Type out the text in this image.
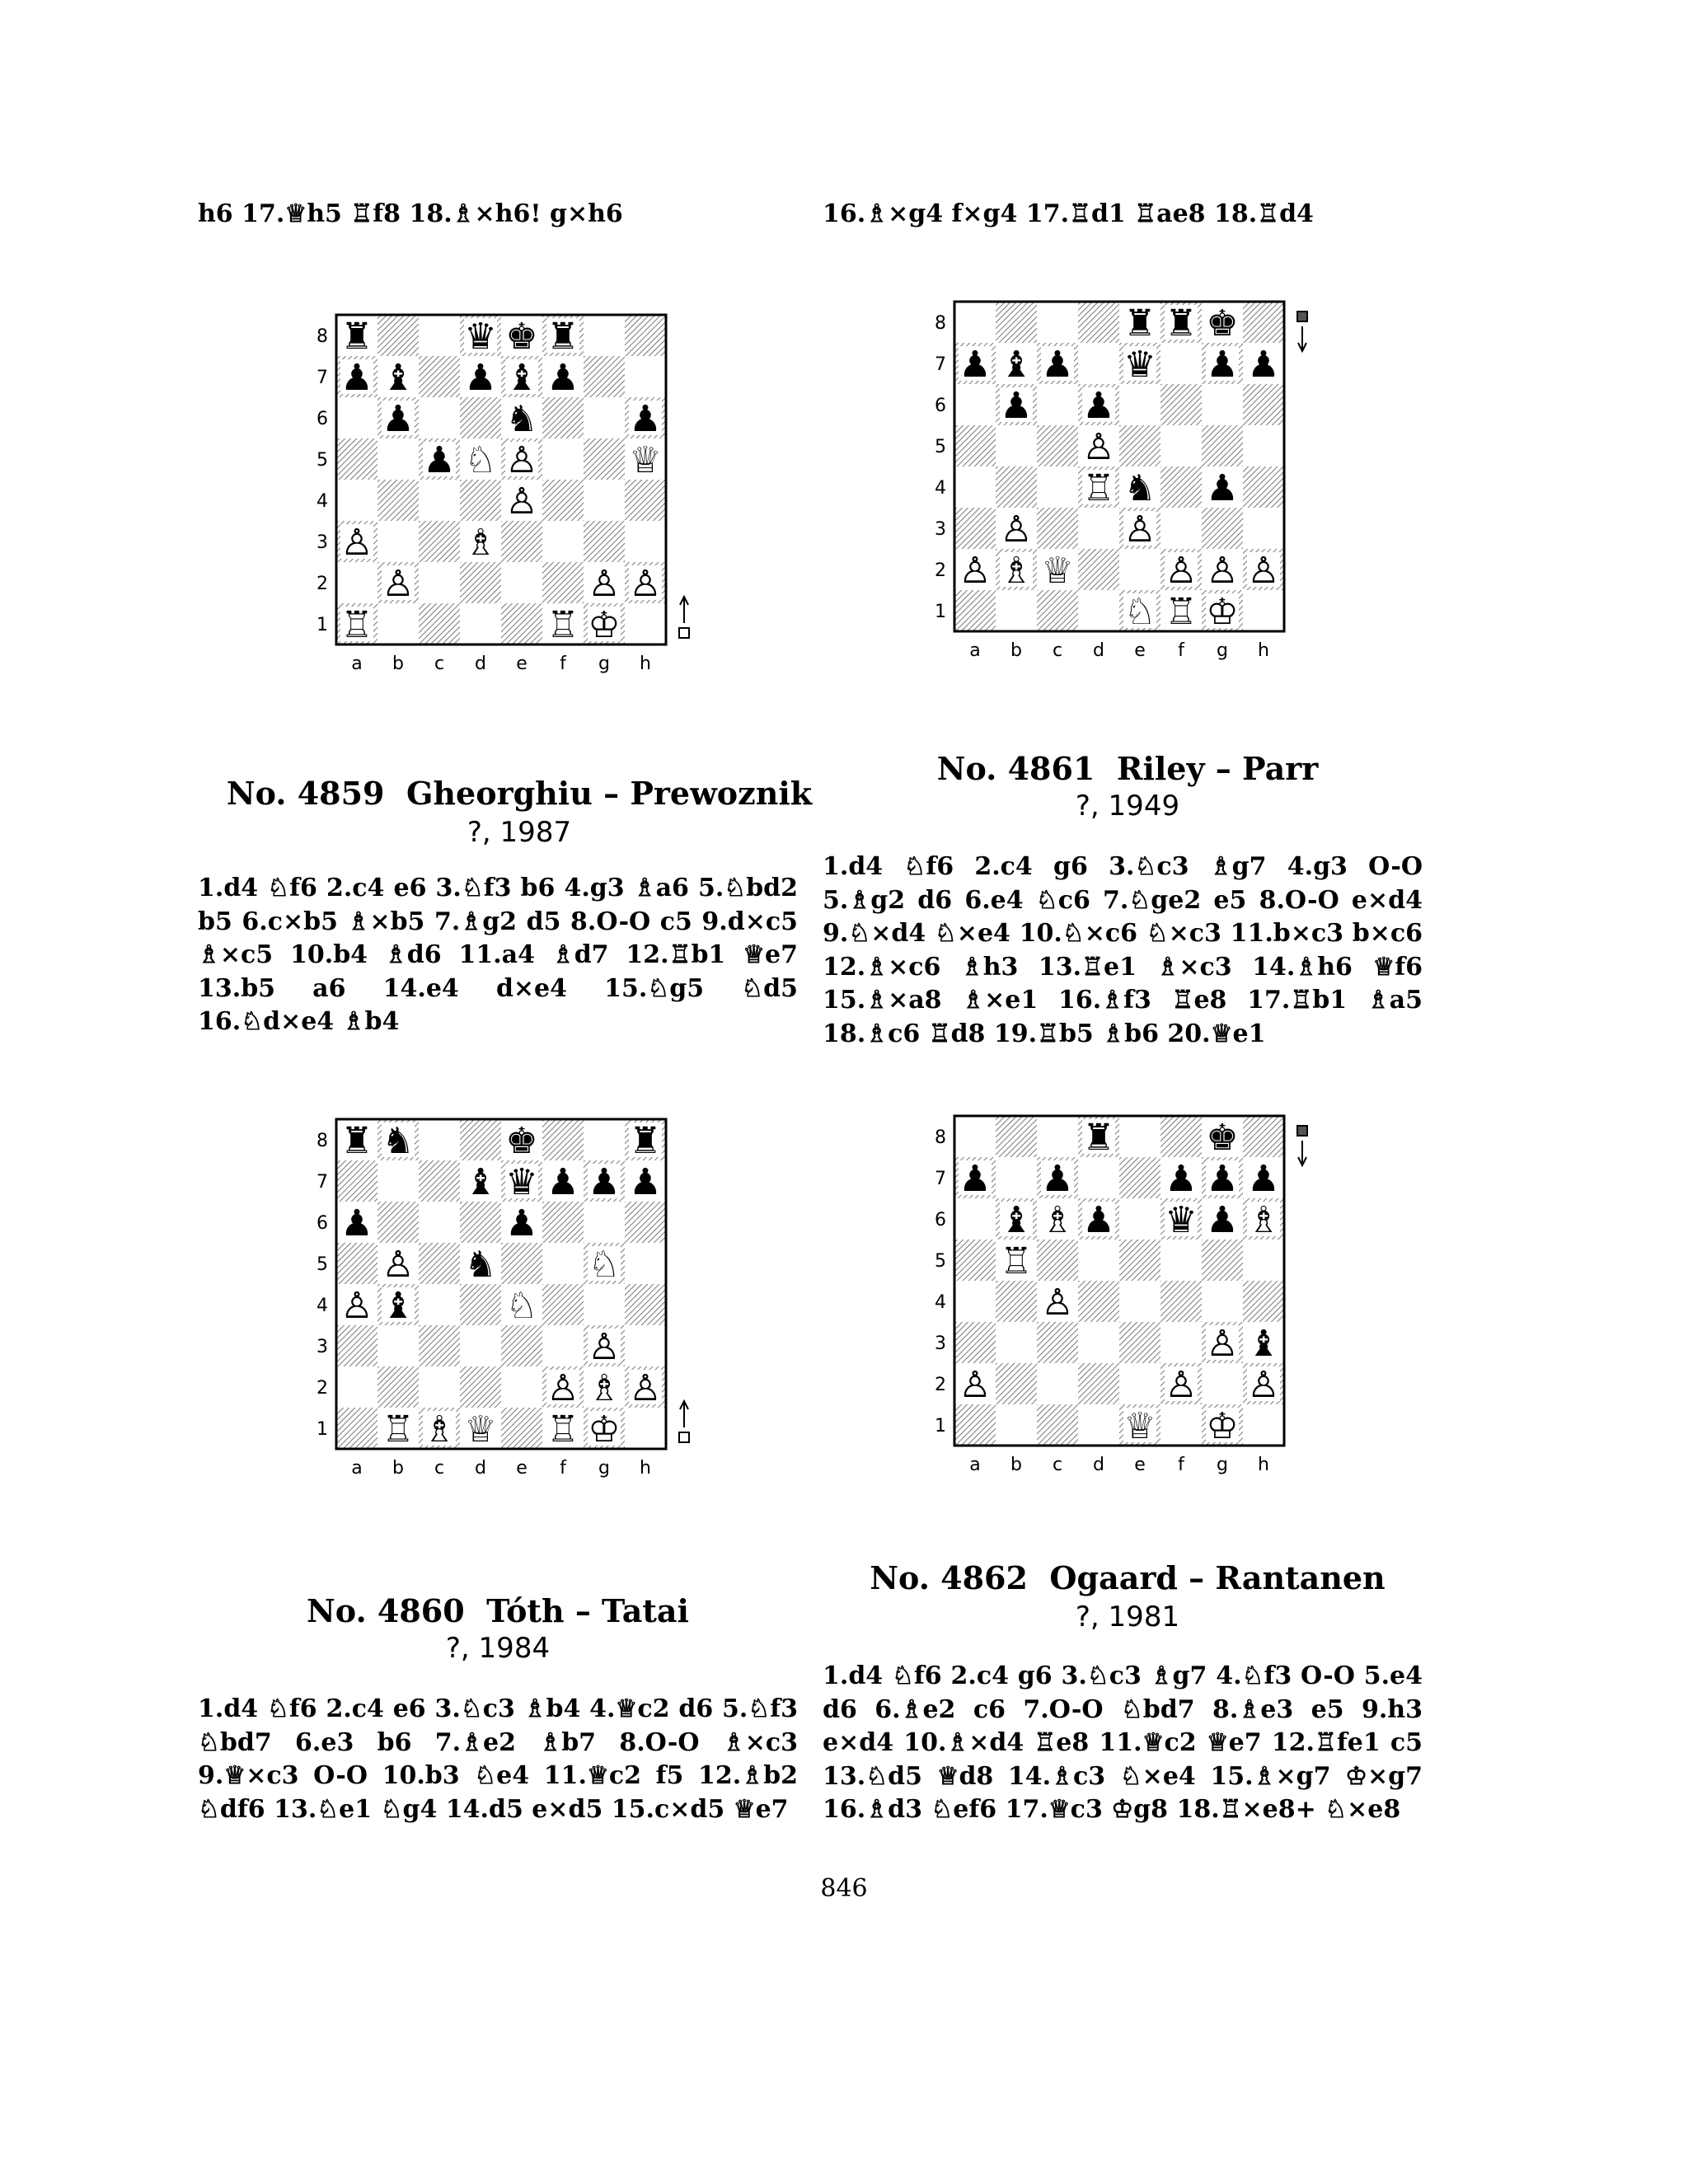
h6 17.♕h5 ♖f8 18.♗×h6! g×h6	16.♗×g4 f×g4 17.♖d1 ♖ae8 18.♖d4
8
7
6
5
4
3
2
1
a b c d e f g h
♜	♛ ♚ ♜
♟ ♝ ♟ ♝ ♟
♟	♞	♟
♟ ♘ ♙	♕
♙
♙	♗
♙	♙ ♙
♖	♖ ♔
8
7
6
5
4
3
2
1
a b c d e f g h
♜ ♜ ♚
♟ ♝ ♟ ♛ ♟ ♟
♟ ♟
♙
♖ ♞ ♟
♙	♙
♙ ♗ ♕	♙ ♙ ♙
♘ ♖ ♔
8
7
6
5
4
3
2
1
a b c d e f g h
♜ ♞	♚	♜
♝ ♛ ♟ ♟ ♟
♟	♟
♙ ♞	♘
♙ ♝	♘
♙
♙ ♗ ♙
♖ ♗ ♕ ♖ ♔
8
7
6
5
4
3
2
1
a b c d e f g h
♜	♚
♟ ♟	♟ ♟ ♟
♝ ♗ ♟ ♛ ♟ ♗
♖
♙
♙ ♝
♙	♙ ♙
♕ ♔
No. 4859 Gheorghiu – Prewoznik
?, 1987
1.d4 ♘f6 2.c4 e6 3.♘f3 b6 4.g3 ♗a6 5.♘bd2 b5 6.c×b5 ♗×b5 7.♗g2 d5 8.O-O c5 9.d×c5 ♗×c5 10.b4 ♗d6 11.a4 ♗d7 12.♖b1 ♕e7 13.b5 a6 14.e4 d×e4 15.♘g5 ♘d5 16.♘d×e4 ♗b4
No. 4861 Riley – Parr
?, 1949
1.d4 ♘f6 2.c4 g6 3.♘c3 ♗g7 4.g3 O-O 5.♗g2 d6 6.e4 ♘c6 7.♘ge2 e5 8.O-O e×d4 9.♘×d4 ♘×e4 10.♘×c6 ♘×c3 11.b×c3 b×c6 12.♗×c6 ♗h3 13.♖e1 ♗×c3 14.♗h6 ♕f6 15.♗×a8 ♗×e1 16.♗f3 ♖e8 17.♖b1 ♗a5 18.♗c6 ♖d8 19.♖b5 ♗b6 20.♕e1
No. 4860 Tóth – Tatai
?, 1984
1.d4 ♘f6 2.c4 e6 3.♘c3 ♗b4 4.♕c2 d6 5.♘f3 ♘bd7 6.e3 b6 7.♗e2 ♗b7 8.O-O ♗×c3 9.♕×c3 O-O 10.b3 ♘e4 11.♕c2 f5 12.♗b2 ♘df6 13.♘e1 ♘g4 14.d5 e×d5 15.c×d5 ♕e7
No. 4862 Ogaard – Rantanen
?, 1981
1.d4 ♘f6 2.c4 g6 3.♘c3 ♗g7 4.♘f3 O-O 5.e4 d6 6.♗e2 c6 7.O-O ♘bd7 8.♗e3 e5 9.h3 e×d4 10.♗×d4 ♖e8 11.♕c2 ♕e7 12.♖fe1 c5 13.♘d5 ♕d8 14.♗c3 ♘×e4 15.♗×g7 ♔×g7 16.♗d3 ♘ef6 17.♕c3 ♔g8 18.♖×e8+ ♘×e8
846
